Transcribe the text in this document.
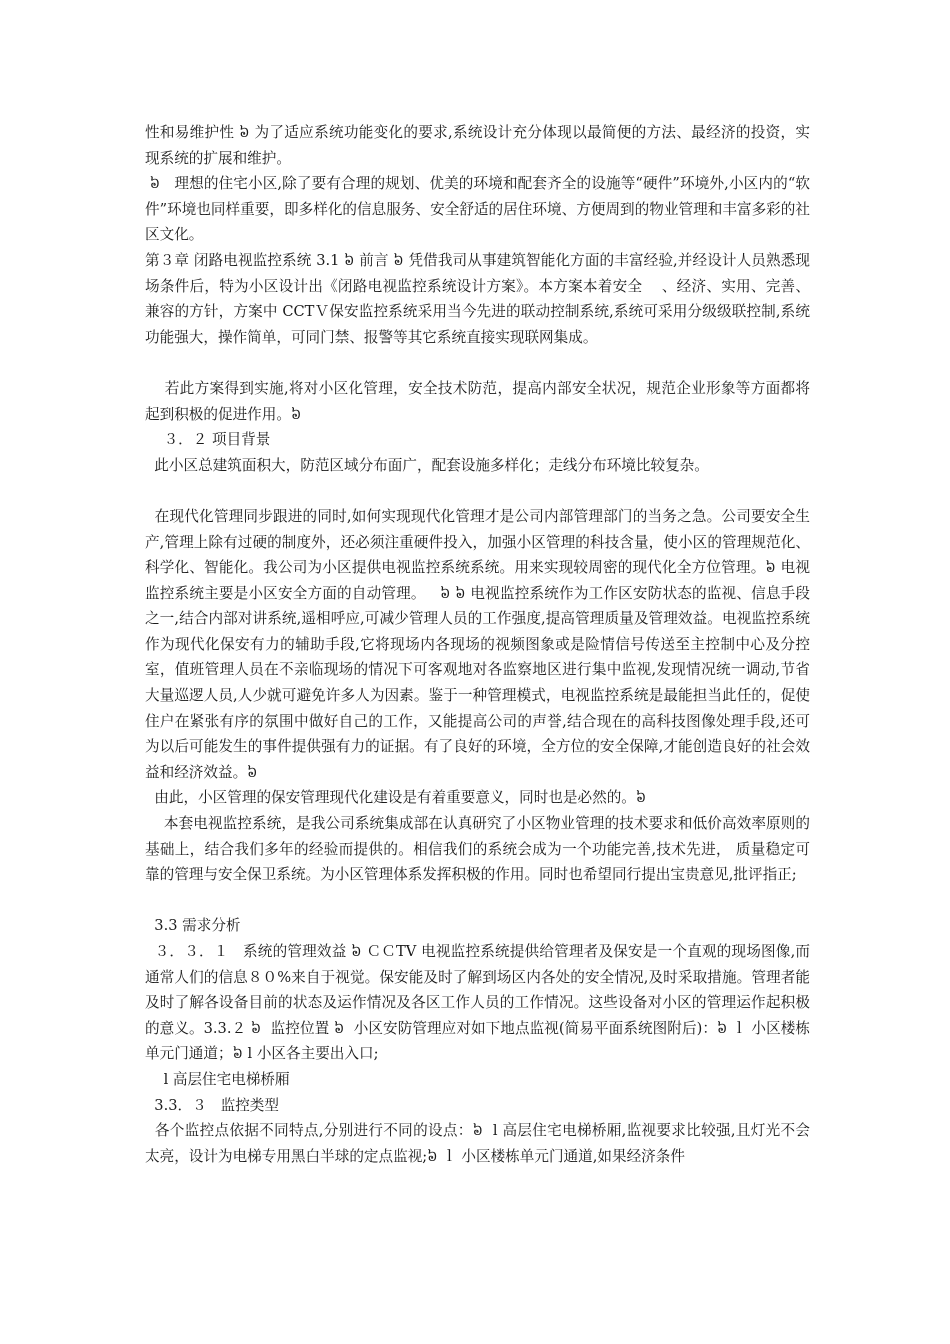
性和易维护性 ៦ 为了适应系统功能变化的要求,系统设计充分体现以最简便的方法、最经济的投资，实现系统的扩展和维护。

៦   理想的住宅小区,除了要有合理的规划、优美的环境和配套齐全的设施等“硬件”环境外,小区内的“软件”环境也同样重要，即多样化的信息服务、安全舒适的居住环境、方便周到的物业管理和丰富多彩的社区文化。

第３章 闭路电视监控系统 3.1 ៦ 前言 ៦ 凭借我司从事建筑智能化方面的丰富经验,并经设计人员熟悉现场条件后，特为小区设计出《闭路电视监控系统设计方案》。本方案本着安全    、经济、实用、完善、兼容的方针，方案中 CCTＶ保安监控系统采用当今先进的联动控制系统,系统可采用分级级联控制,系统功能强大，操作简单，可同门禁、报警等其它系统直接实现联网集成。

若此方案得到实施,将对小区化管理，安全技术防范，提高内部安全状况，规范企业形象等方面都将起到积极的促进作用。៦

３．２ 项目背景

此小区总建筑面积大，防范区域分布面广，配套设施多样化；走线分布环境比较复杂。

在现代化管理同步跟进的同时,如何实现现代化管理才是公司内部管理部门的当务之急。公司要安全生产,管理上除有过硬的制度外，还必须注重硬件投入，加强小区管理的科技含量，使小区的管理规范化、科学化、智能化。我公司为小区提供电视监控系统系统。用来实现较周密的现代化全方位管理。៦ 电视监控系统主要是小区安全方面的自动管理。   ៦ ៦ 电视监控系统作为工作区安防状态的监视、信息手段之一,结合内部对讲系统,遥相呼应,可减少管理人员的工作强度,提高管理质量及管理效益。电视监控系统作为现代化保安有力的辅助手段,它将现场内各现场的视频图象或是险情信号传送至主控制中心及分控室，值班管理人员在不亲临现场的情况下可客观地对各监察地区进行集中监视,发现情况统一调动,节省大量巡逻人员,人少就可避免许多人为因素。鉴于一种管理模式，电视监控系统是最能担当此任的，促使住户在紧张有序的氛围中做好自己的工作，又能提高公司的声誉,结合现在的高科技图像处理手段,还可为以后可能发生的事件提供强有力的证据。有了良好的环境，全方位的安全保障,才能创造良好的社会效益和经济效益。៦

由此，小区管理的保安管理现代化建设是有着重要意义，同时也是必然的。៦

本套电视监控系统，是我公司系统集成部在认真研究了小区物业管理的技术要求和低价高效率原则的基础上，结合我们多年的经验而提供的。相信我们的系统会成为一个功能完善,技术先进， 质量稳定可靠的管理与安全保卫系统。为小区管理体系发挥积极的作用。同时也希望同行提出宝贵意见,批评指正;

3.3 需求分析

３．３．１   系统的管理效益 ៦ ＣＣTV 电视监控系统提供给管理者及保安是一个直观的现场图像,而通常人们的信息８０%来自于视觉。保安能及时了解到场区内各处的安全情况,及时采取措施。管理者能及时了解各设备目前的状态及运作情况及各区工作人员的工作情况。这些设备对小区的管理运作起积极的意义。3.3.２ ៦  监控位置 ៦  小区安防管理应对如下地点监视(简易平面系统图附后)：៦ ｌ 小区楼栋单元门通道；៦ l 小区各主要出入口;

l 高层住宅电梯桥厢

3.3．３   监控类型

各个监控点依据不同特点,分别进行不同的设点：៦  l 高层住宅电梯桥厢,监视要求比较强,且灯光不会太亮，设计为电梯专用黑白半球的定点监视;៦ ｌ 小区楼栋单元门通道,如果经济条件
